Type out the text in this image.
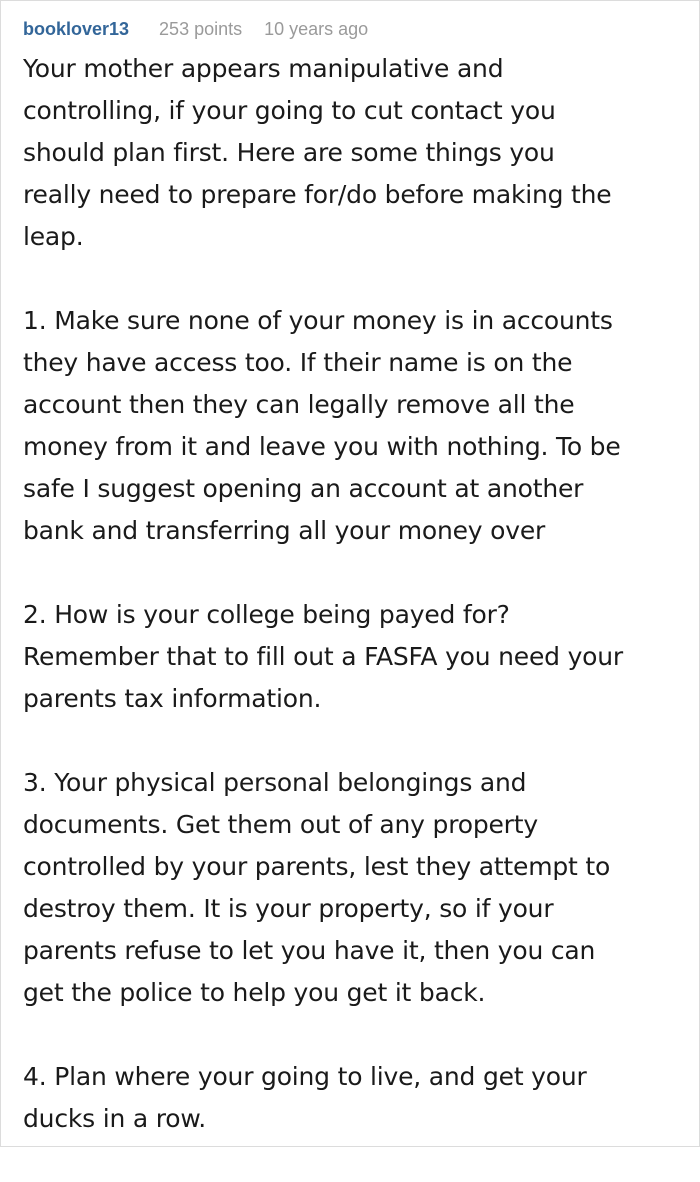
booklover13 253 points 10 years ago
Your mother appears manipulative and
controlling, if your going to cut contact you
should plan first. Here are some things you
really need to prepare for/do before making the
leap.
1. Make sure none of your money is in accounts
they have access too. If their name is on the
account then they can legally remove all the
money from it and leave you with nothing. To be
safe I suggest opening an account at another
bank and transferring all your money over
2. How is your college being payed for?
Remember that to fill out a FASFA you need your
parents tax information.
3. Your physical personal belongings and
documents. Get them out of any property
controlled by your parents, lest they attempt to
destroy them. It is your property, so if your
parents refuse to let you have it, then you can
get the police to help you get it back.
4. Plan where your going to live, and get your
ducks in a row.
